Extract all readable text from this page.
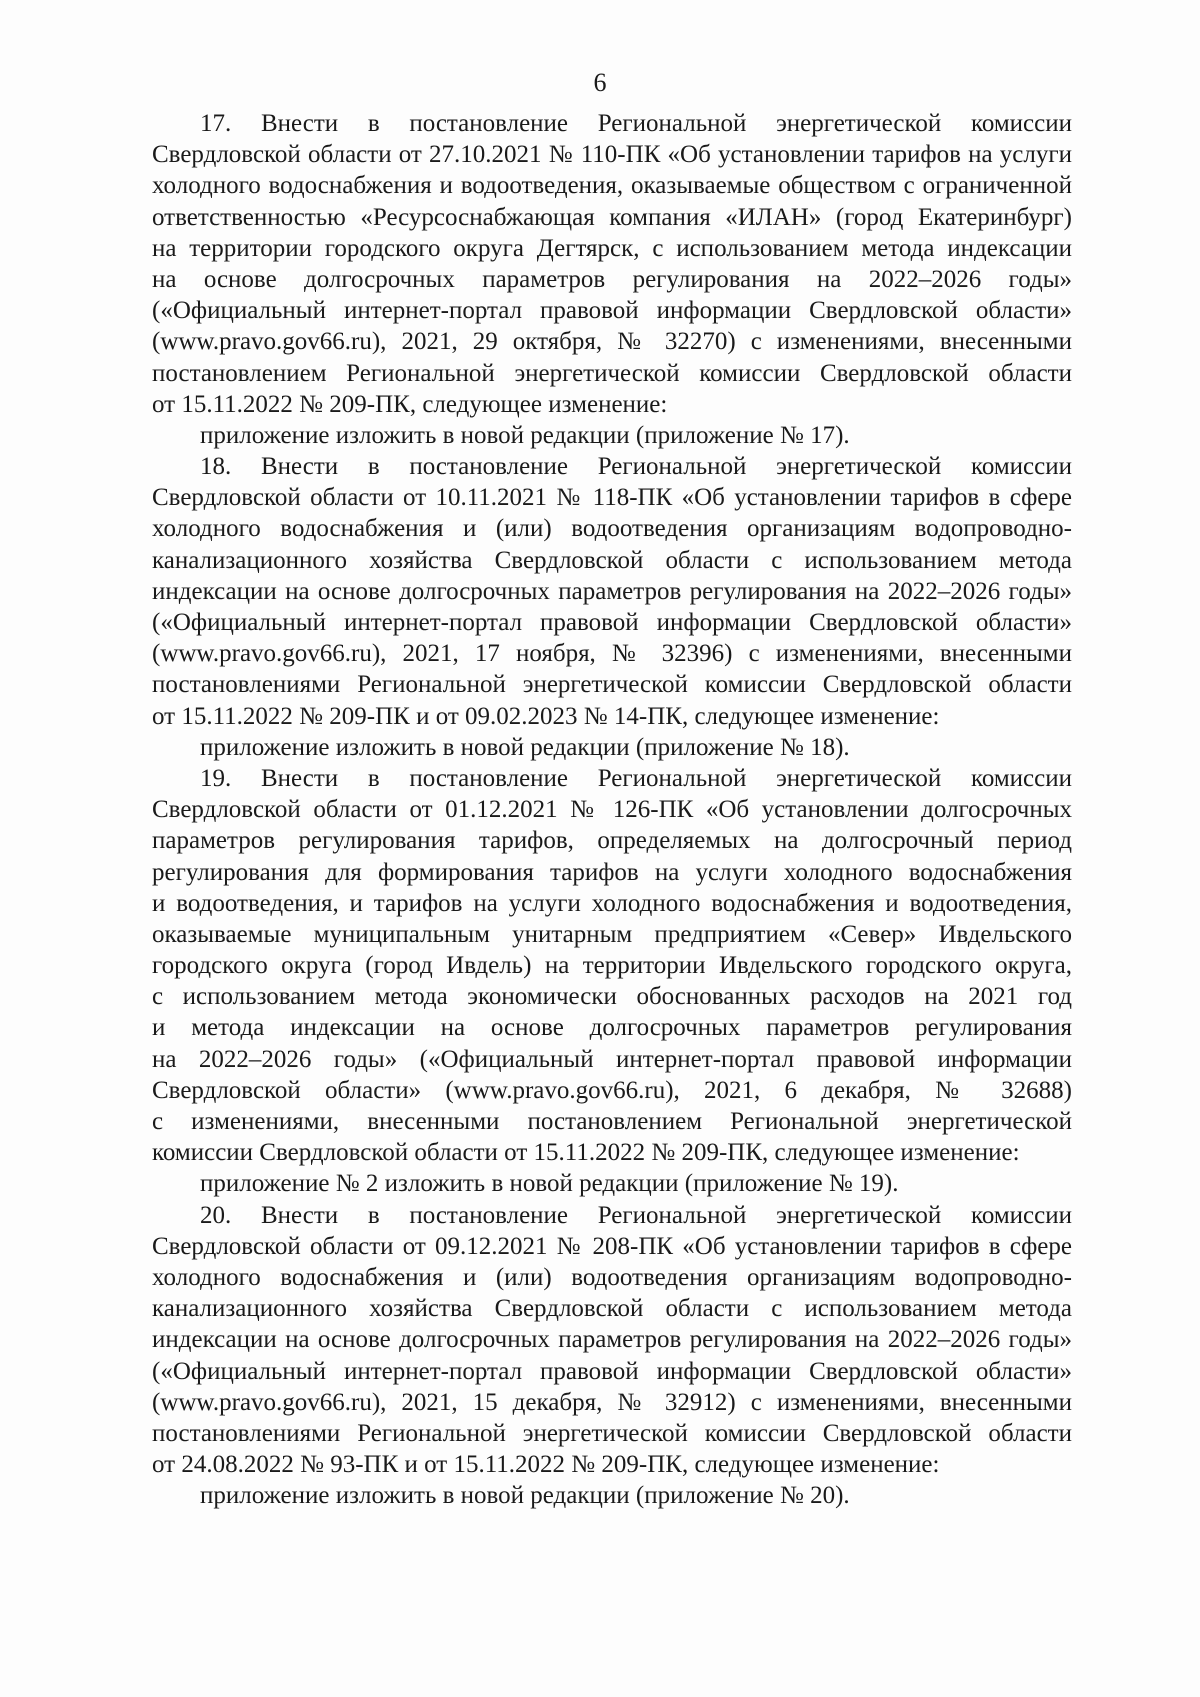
6
17. Внести в постановление Региональной энергетической комиссии
Свердловской области от 27.10.2021 № 110-ПК «Об установлении тарифов на услуги
холодного водоснабжения и водоотведения, оказываемые обществом с ограниченной
ответственностью «Ресурсоснабжающая компания «ИЛАН» (город Екатеринбург)
на территории городского округа Дегтярск, с использованием метода индексации
на основе долгосрочных параметров регулирования на 2022–2026 годы»
(«Официальный интернет-портал правовой информации Свердловской области»
(www.pravo.gov66.ru), 2021, 29 октября, № 32270) с изменениями, внесенными
постановлением Региональной энергетической комиссии Свердловской области
от 15.11.2022 № 209-ПК, следующее изменение:
приложение изложить в новой редакции (приложение № 17).
18. Внести в постановление Региональной энергетической комиссии
Свердловской области от 10.11.2021 № 118-ПК «Об установлении тарифов в сфере
холодного водоснабжения и (или) водоотведения организациям водопроводно-
канализационного хозяйства Свердловской области с использованием метода
индексации на основе долгосрочных параметров регулирования на 2022–2026 годы»
(«Официальный интернет-портал правовой информации Свердловской области»
(www.pravo.gov66.ru), 2021, 17 ноября, № 32396) с изменениями, внесенными
постановлениями Региональной энергетической комиссии Свердловской области
от 15.11.2022 № 209-ПК и от 09.02.2023 № 14-ПК, следующее изменение:
приложение изложить в новой редакции (приложение № 18).
19. Внести в постановление Региональной энергетической комиссии
Свердловской области от 01.12.2021 № 126-ПК «Об установлении долгосрочных
параметров регулирования тарифов, определяемых на долгосрочный период
регулирования для формирования тарифов на услуги холодного водоснабжения
и водоотведения, и тарифов на услуги холодного водоснабжения и водоотведения,
оказываемые муниципальным унитарным предприятием «Север» Ивдельского
городского округа (город Ивдель) на территории Ивдельского городского округа,
с использованием метода экономически обоснованных расходов на 2021 год
и метода индексации на основе долгосрочных параметров регулирования
на 2022–2026 годы» («Официальный интернет-портал правовой информации
Свердловской области» (www.pravo.gov66.ru), 2021, 6 декабря, № 32688)
с изменениями, внесенными постановлением Региональной энергетической
комиссии Свердловской области от 15.11.2022 № 209-ПК, следующее изменение:
приложение № 2 изложить в новой редакции (приложение № 19).
20. Внести в постановление Региональной энергетической комиссии
Свердловской области от 09.12.2021 № 208-ПК «Об установлении тарифов в сфере
холодного водоснабжения и (или) водоотведения организациям водопроводно-
канализационного хозяйства Свердловской области с использованием метода
индексации на основе долгосрочных параметров регулирования на 2022–2026 годы»
(«Официальный интернет-портал правовой информации Свердловской области»
(www.pravo.gov66.ru), 2021, 15 декабря, № 32912) с изменениями, внесенными
постановлениями Региональной энергетической комиссии Свердловской области
от 24.08.2022 № 93-ПК и от 15.11.2022 № 209-ПК, следующее изменение:
приложение изложить в новой редакции (приложение № 20).
